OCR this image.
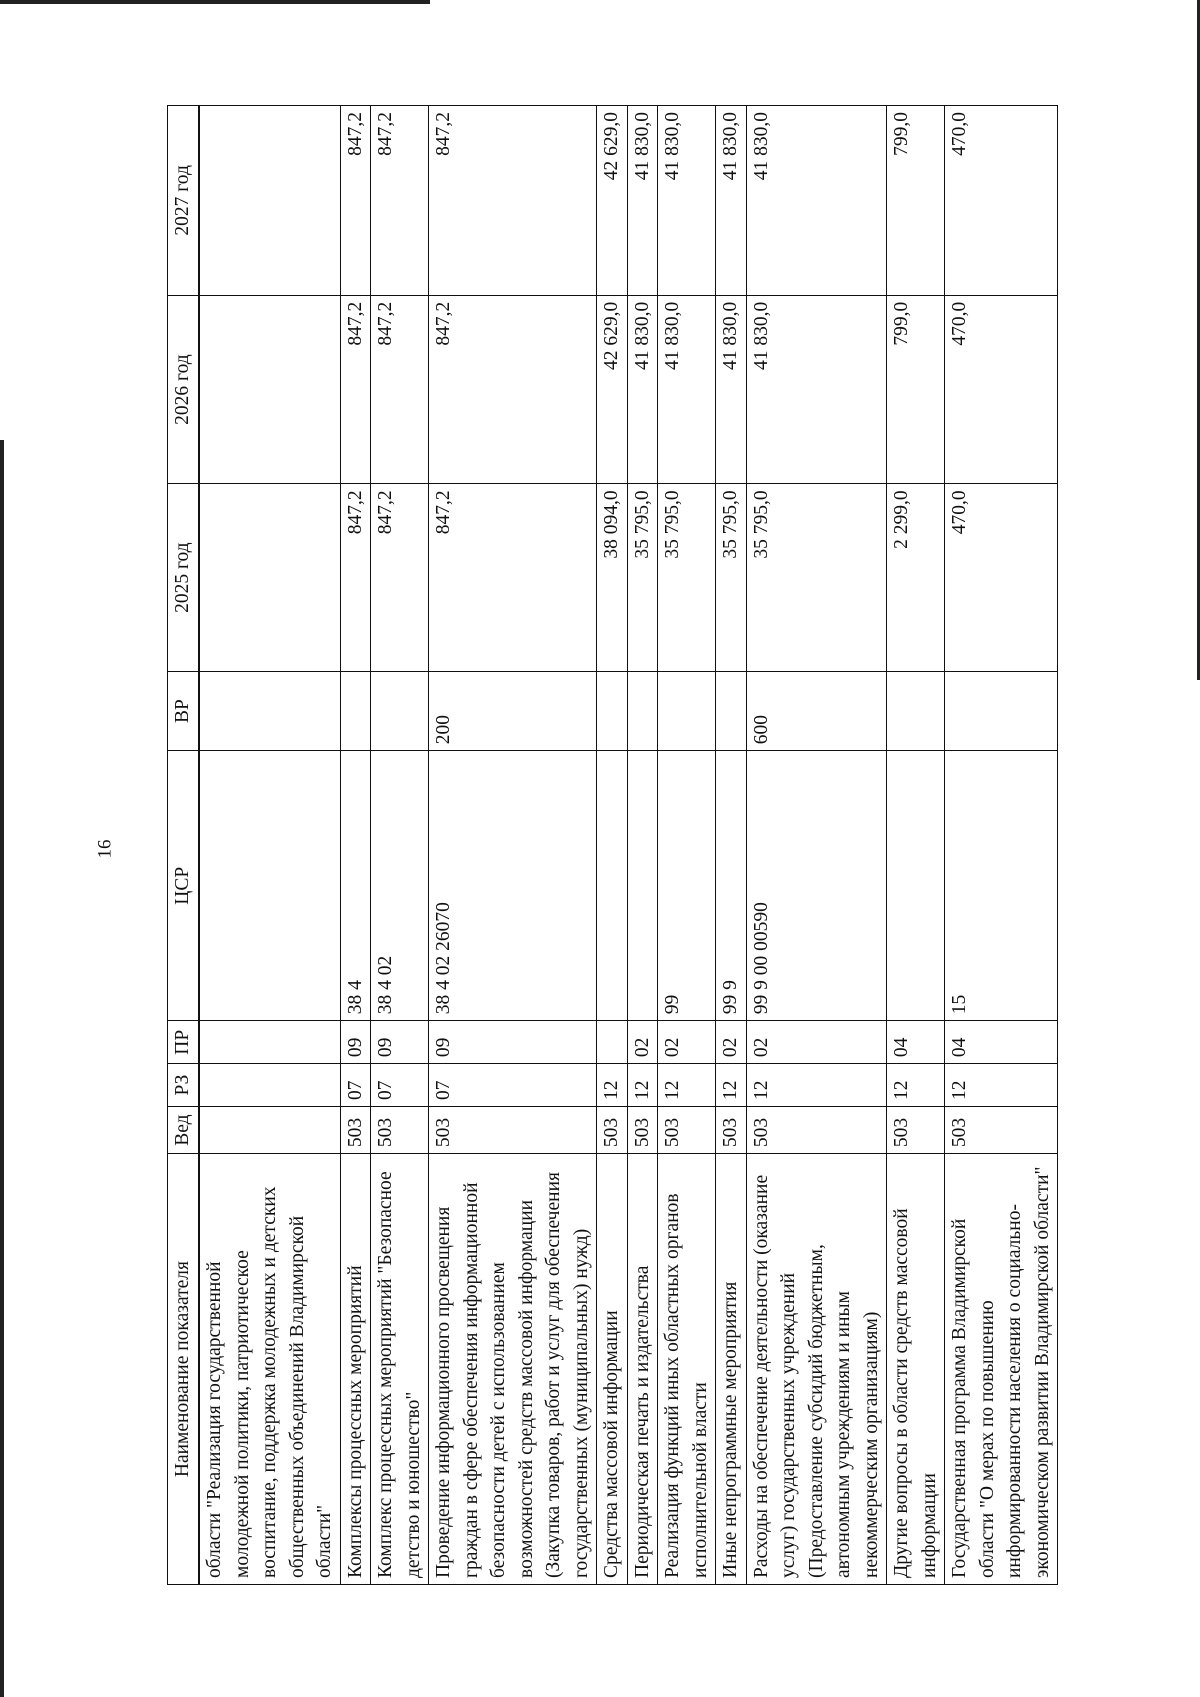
16
Наименование показателя	Вед	РЗ	ПР	ЦСР	ВР	2025 год	2026 год	2027 год
области "Реализация государственной молодежной политики, патриотическое воспитание, поддержка молодежных и детских общественных объединений Владимирской области"								
Комплексы процессных мероприятий	503	07	09	38 4		847,2	847,2	847,2
Комплекс процессных мероприятий "Безопасное детство и юношество"	503	07	09	38 4 02		847,2	847,2	847,2
Проведение информационного просвещения граждан в сфере обеспечения информационной безопасности детей с использованием возможностей средств массовой информации (Закупка товаров, работ и услуг для обеспечения государственных (муниципальных) нужд)	503	07	09	38 4 02 26070	200	847,2	847,2	847,2
Средства массовой информации	503	12				38 094,0	42 629,0	42 629,0
Периодическая печать и издательства	503	12	02			35 795,0	41 830,0	41 830,0
Реализация функций иных областных органов исполнительной власти	503	12	02	99		35 795,0	41 830,0	41 830,0
Иные непрограммные мероприятия	503	12	02	99 9		35 795,0	41 830,0	41 830,0
Расходы на обеспечение деятельности (оказание услуг) государственных учреждений (Предоставление субсидий бюджетным, автономным учреждениям и иным некоммерческим организациям)	503	12	02	99 9 00 00590	600	35 795,0	41 830,0	41 830,0
Другие вопросы в области средств массовой информации	503	12	04			2 299,0	799,0	799,0
Государственная программа Владимирской области "О мерах по повышению информированности населения о социально-экономическом развитии Владимирской области"	503	12	04	15		470,0	470,0	470,0
